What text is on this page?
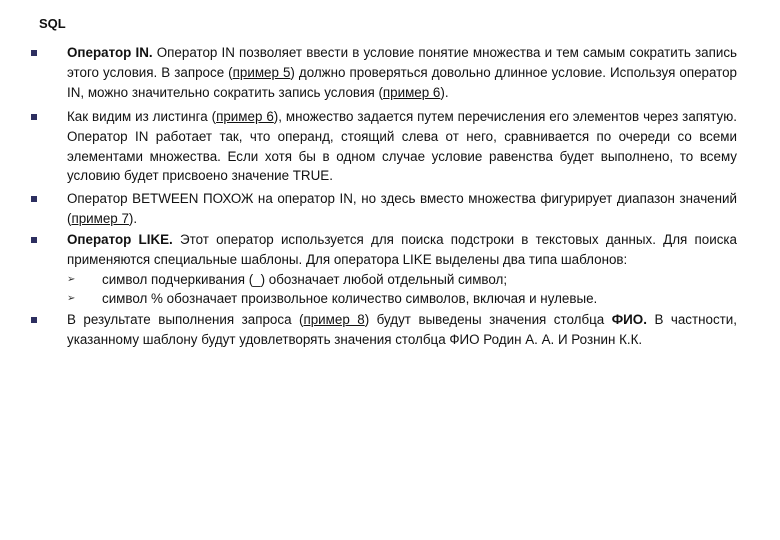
SQL
Оператор IN. Оператор IN позволяет ввести в условие понятие множества и тем самым сократить запись этого условия. В запросе (пример 5) должно проверяться довольно длинное условие. Используя оператор IN, можно значительно сократить запись условия (пример 6).
Как видим из листинга (пример 6), множество задается путем перечисления его элементов через запятую. Оператор IN работает так, что операнд, стоящий слева от него, сравнивается по очереди со всеми элементами множества. Если хотя бы в одном случае условие равенства будет выполнено, то всему условию будет присвоено значение TRUE.
Оператор BETWEEN ПОХОЖ на оператор IN, но здесь вместо множества фигурирует диапазон значений (пример 7).
Оператор LIKE. Этот оператор используется для поиска подстроки в текстовых данных. Для поиска применяются специальные шаблоны. Для оператора LIKE выделены два типа шаблонов:
➢ символ подчеркивания (_) обозначает любой отдельный символ;
➢ символ % обозначает произвольное количество символов, включая и нулевые.
В результате выполнения запроса (пример 8) будут выведены значения столбца ФИО. В частности, указанному шаблону будут удовлетворять значения столбца ФИО Родин А. А. И Рознин К.К.
